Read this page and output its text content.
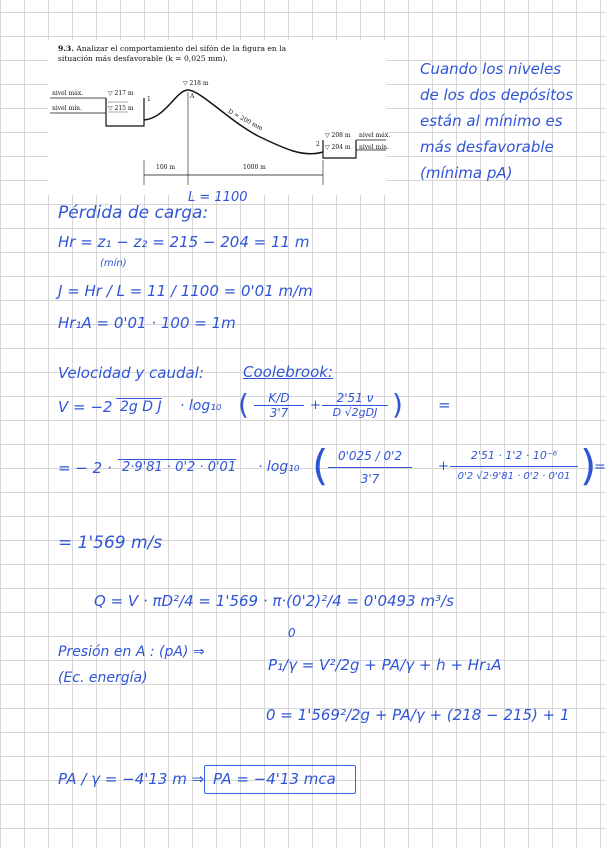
9.3. Analizar el comportamiento del sifón de la figura en la
situación más desfavorable (k = 0,025 mm).
nivel máx.
nivel mín.
▽ 217 m
▽ 215 m
1
▽ 218 m
A
D = 200 mm
▽ 208 m
▽ 204 m
2
nivel máx.
nivel mín.
100 m	1000 m
L = 1100
Cuando los niveles
de los dos depósitos
están al mínimo es
más desfavorable
(mínima pA)
Pérdida de carga:
Hr = z₁ − z₂ = 215 − 204 = 11 m
(mín)
J = Hr / L = 11 / 1100 = 0'01 m/m
Hr₁A = 0'01 · 100 = 1m
Velocidad y caudal:	Coolebrook:
V = −2 2g D J · log₁₀ ( $\frac{K/D}{3'7}$ +	2'51 ν
D √2gDJ ) =
= − 2 · 2·9'81 · 0'2 · 0'01 · log₁₀ ( $\frac{0'025 / 0'2}{3'7} + \frac{\text{2'51 · 1'2 · 10⁻⁶}}{0'2 √2\cdot 9'81 \cdot 0'2 \cdot 0'01}$ )
=
= 1'569 m/s
Q = V · πD²/4 = 1'569 · π·(0'2)²/4 = 0'0493 m³/s
0
Presión en A : (pA) ⇒
(Ec. energía)
P₁/γ = V²/2g + PA/γ + h + Hr₁A
0 = 1'569²/2g + PA/γ + (218 − 215) + 1
PA / γ = −4'13 m ⇒ PA = −4'13 mca
